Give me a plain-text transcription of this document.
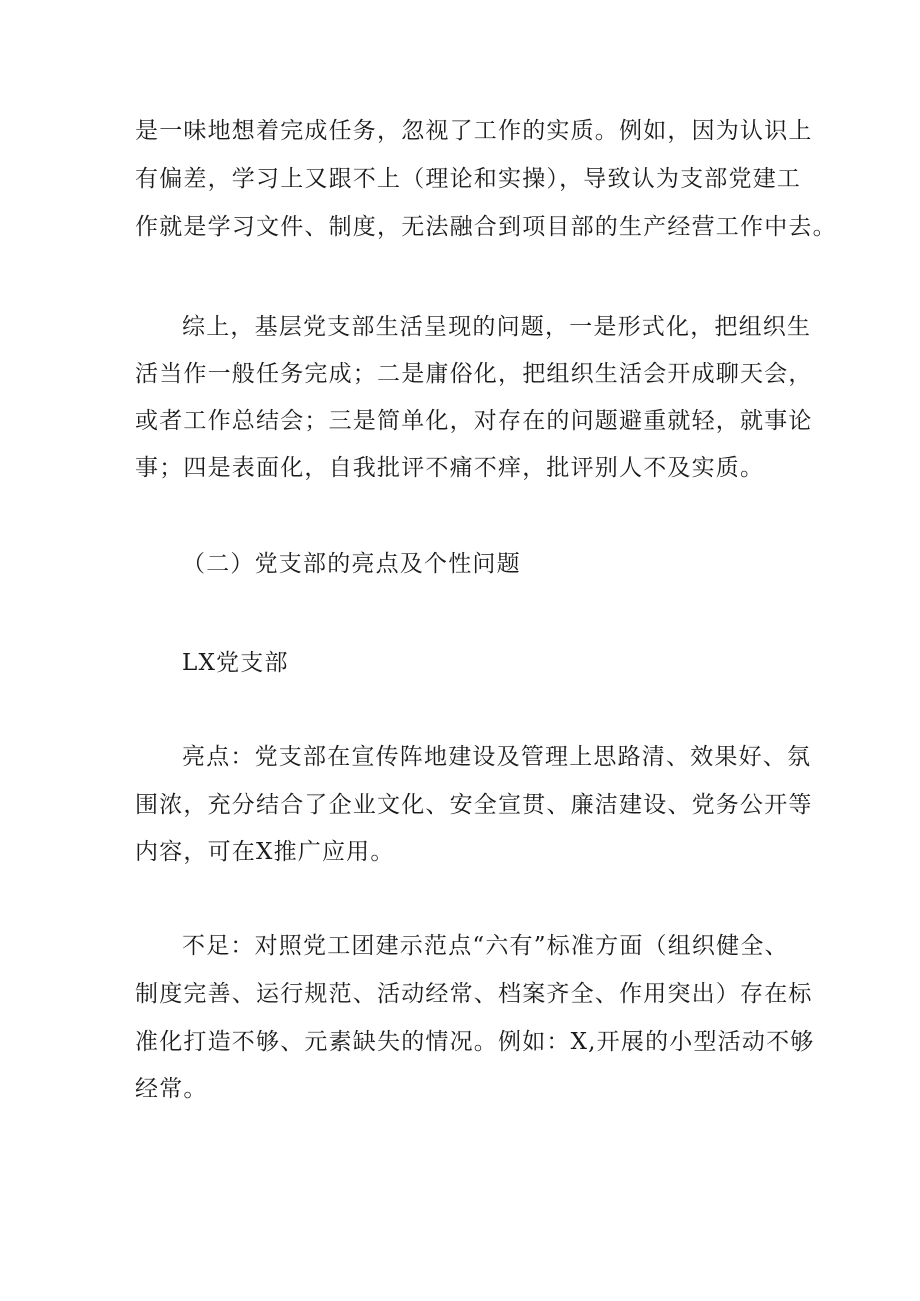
是一味地想着完成任务，忽视了工作的实质。例如，因为认识上
有偏差，学习上又跟不上（理论和实操），导致认为支部党建工
作就是学习文件、制度，无法融合到项目部的生产经营工作中去。
综上，基层党支部生活呈现的问题，一是形式化，把组织生
活当作一般任务完成；二是庸俗化，把组织生活会开成聊天会，
或者工作总结会；三是简单化，对存在的问题避重就轻，就事论
事；四是表面化，自我批评不痛不痒，批评别人不及实质。
（二）党支部的亮点及个性问题
LX党支部
亮点：党支部在宣传阵地建设及管理上思路清、效果好、氛
围浓，充分结合了企业文化、安全宣贯、廉洁建设、党务公开等
内容，可在X推广应用。
不足：对照党工团建示范点“六有”标准方面（组织健全、
制度完善、运行规范、活动经常、档案齐全、作用突出）存在标
准化打造不够、元素缺失的情况。例如：X,开展的小型活动不够
经常。
